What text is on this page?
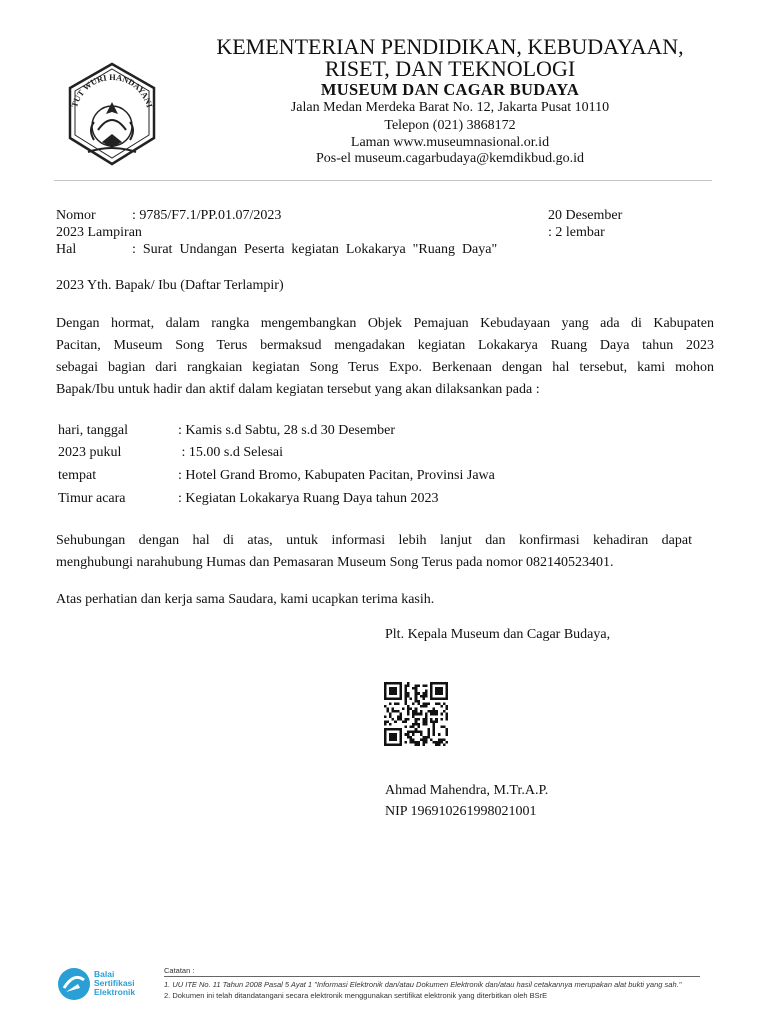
TUT WURI HANDAYANI
KEMENTERIAN PENDIDIKAN, KEBUDAYAAN,
RISET, DAN TEKNOLOGI
MUSEUM DAN CAGAR BUDAYA
Jalan Medan Merdeka Barat No. 12, Jakarta Pusat 10110
Telepon (021) 3868172
Laman www.museumnasional.or.id
Pos-el museum.cagarbudaya@kemdikbud.go.id
Nomor	: 9785/F7.1/PP.01.07/2023	20 Desember
2023 Lampiran	: 2 lembar
Hal	:  Surat  Undangan  Peserta  kegiatan  Lokakarya  "Ruang  Daya"
2023 Yth. Bapak/ Ibu (Daftar Terlampir)
Dengan hormat, dalam rangka mengembangkan Objek Pemajuan Kebudayaan yang ada di Kabupaten
Pacitan, Museum Song Terus bermaksud mengadakan kegiatan Lokakarya Ruang Daya tahun 2023
sebagai bagian dari rangkaian kegiatan Song Terus Expo. Berkenaan dengan hal tersebut, kami mohon
Bapak/Ibu untuk hadir dan aktif dalam kegiatan tersebut yang akan dilaksankan pada :
hari, tanggal	: Kamis s.d Sabtu, 28 s.d 30 Desember
2023 pukul	: 15.00 s.d Selesai
tempat	: Hotel Grand Bromo, Kabupaten Pacitan, Provinsi Jawa
Timur acara	: Kegiatan Lokakarya Ruang Daya tahun 2023
Sehubungan dengan hal di atas, untuk informasi lebih lanjut dan konfirmasi kehadiran dapat
menghubungi narahubung Humas dan Pemasaran Museum Song Terus pada nomor 082140523401.
Atas perhatian dan kerja sama Saudara, kami ucapkan terima kasih.
Plt. Kepala Museum dan Cagar Budaya,
Ahmad Mahendra, M.Tr.A.P.
NIP 196910261998021001
Balai
Sertifikasi
Elektronik
Catatan :
1. UU ITE No. 11 Tahun 2008 Pasal 5 Ayat 1 "Informasi Elektronik dan/atau Dokumen Elektronik dan/atau hasil cetakannya merupakan alat bukti yang sah."
2. Dokumen ini telah ditandatangani secara elektronik menggunakan sertifikat elektronik yang diterbitkan oleh BSrE
